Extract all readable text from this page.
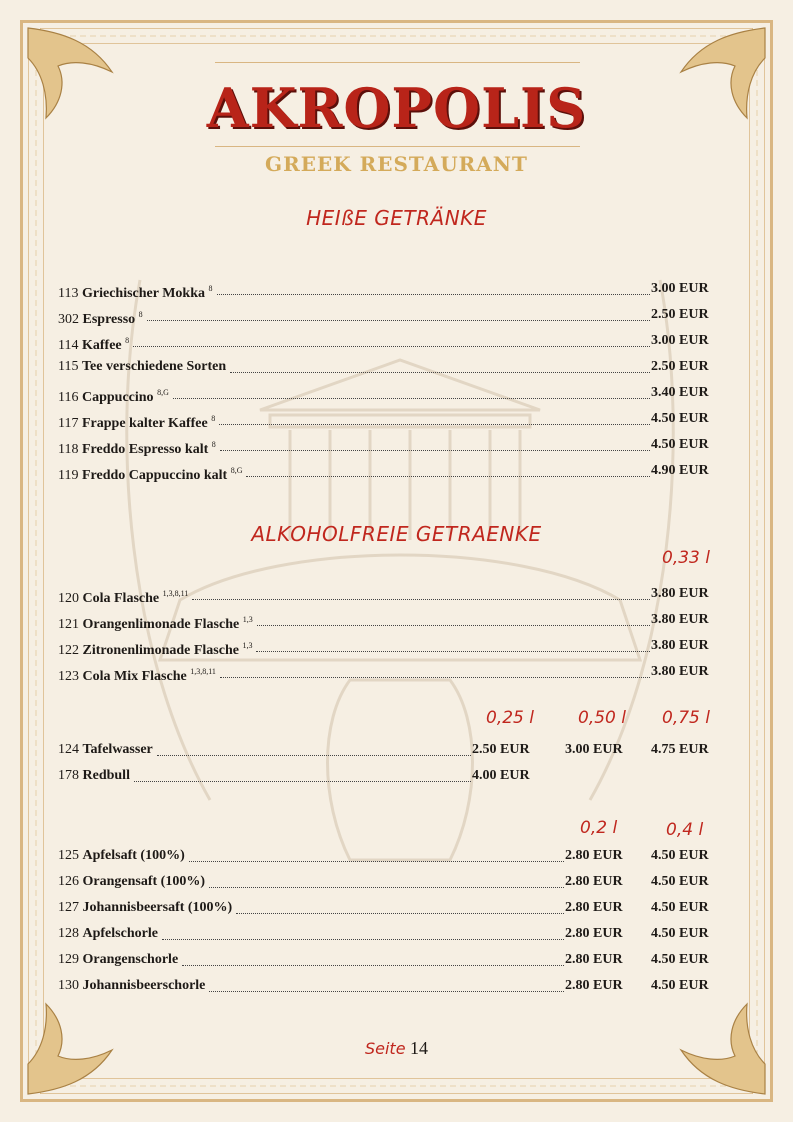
AKROPOLIS
GREEK RESTAURANT
HEIßE GETRÄNKE
113 Griechischer Mokka $^8$	3.00 EUR
302 Espresso $^8$	2.50 EUR
114 Kaffee $^8$	3.00 EUR
115 Tee verschiedene Sorten	2.50 EUR
116 Cappuccino $^{8,G}$	3.40 EUR
117 Frappe kalter Kaffee $^8$	4.50 EUR
118 Freddo Espresso kalt $^8$	4.50 EUR
119 Freddo Cappuccino kalt $^{8,G}$	4.90 EUR
ALKOHOLFREIE GETRAENKE
0,33 l
120 Cola Flasche $^{1,3,8,11}$	3.80 EUR
121 Orangenlimonade Flasche $^{1,3}$	3.80 EUR
122 Zitronenlimonade Flasche $^{1,3}$	3.80 EUR
123 Cola Mix Flasche $^{1,3,8,11}$	3.80 EUR
0,25 l	0,50 l 0,75 l
124 Tafelwasser	2.50 EUR	3.00 EUR 4.75 EUR
178 Redbull	4.00 EUR
0,2 l	0,4 l
125 Apfelsaft (100%)	2.80 EUR 4.50 EUR
126 Orangensaft (100%)	2.80 EUR 4.50 EUR
127 Johannisbeersaft (100%)	2.80 EUR 4.50 EUR
128 Apfelschorle	2.80 EUR 4.50 EUR
129 Orangenschorle	2.80 EUR 4.50 EUR
130 Johannisbeerschorle	2.80 EUR 4.50 EUR
Seite 14
